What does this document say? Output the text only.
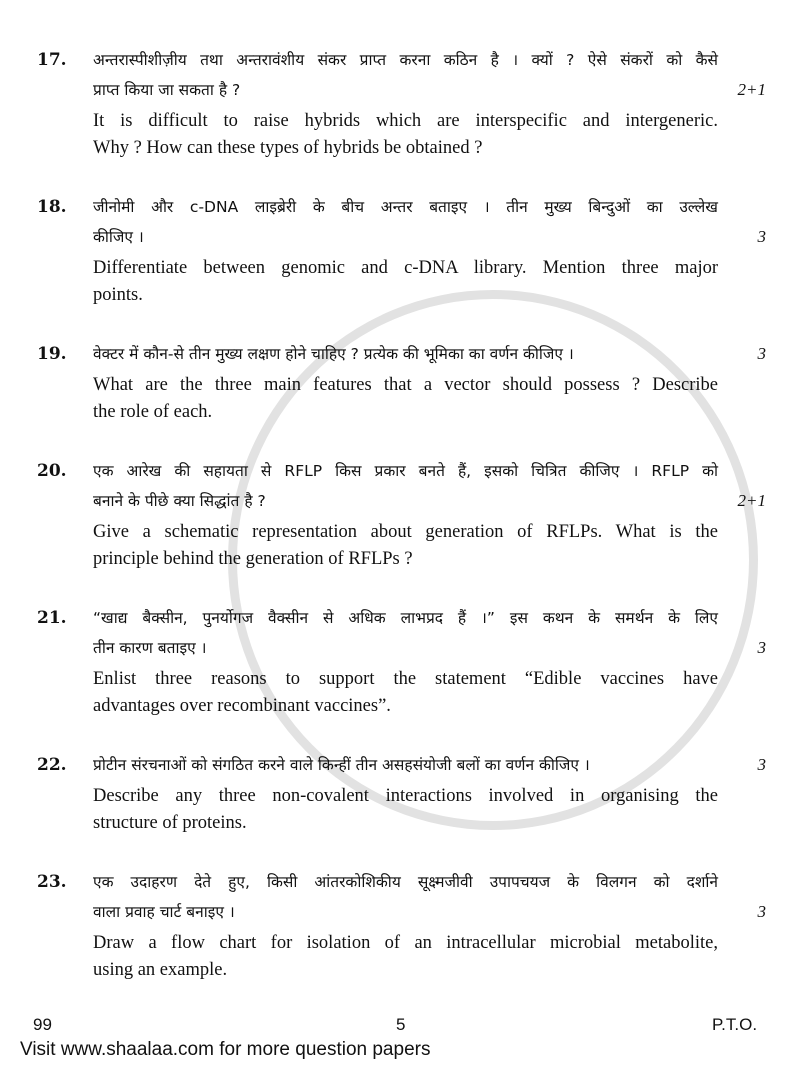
17.	अन्तरास्पीशीज़ीय तथा अन्तरावंशीय संकर प्राप्त करना कठिन है । क्यों ? ऐसे संकरों को कैसे
प्राप्त किया जा सकता है ?	2+1
It is difficult to raise hybrids which are interspecific and intergeneric.
Why ? How can these types of hybrids be obtained ?
18.	जीनोमी और c-DNA लाइब्रेरी के बीच अन्तर बताइए । तीन मुख्य बिन्दुओं का उल्लेख
कीजिए ।	3
Differentiate between genomic and c-DNA library. Mention three major
points.
19.	वेक्टर में कौन-से तीन मुख्य लक्षण होने चाहिए ? प्रत्येक की भूमिका का वर्णन कीजिए ।	3
What are the three main features that a vector should possess ? Describe
the role of each.
20.	एक आरेख की सहायता से RFLP किस प्रकार बनते हैं, इसको चित्रित कीजिए । RFLP को
बनाने के पीछे क्या सिद्धांत है ?	2+1
Give a schematic representation about generation of RFLPs. What is the
principle behind the generation of RFLPs ?
21.	“खाद्य बैक्सीन, पुनर्योगज वैक्सीन से अधिक लाभप्रद हैं ।” इस कथन के समर्थन के लिए
तीन कारण बताइए ।	3
Enlist three reasons to support the statement “Edible vaccines have
advantages over recombinant vaccines”.
22.	प्रोटीन संरचनाओं को संगठित करने वाले किन्हीं तीन असहसंयोजी बलों का वर्णन कीजिए ।	3
Describe any three non-covalent interactions involved in organising the
structure of proteins.
23.	एक उदाहरण देते हुए, किसी आंतरकोशिकीय सूक्ष्मजीवी उपापचयज के विलगन को दर्शाने
वाला प्रवाह चार्ट बनाइए ।	3
Draw a flow chart for isolation of an intracellular microbial metabolite,
using an example.
99	5	P.T.O.
Visit www.shaalaa.com for more question papers
